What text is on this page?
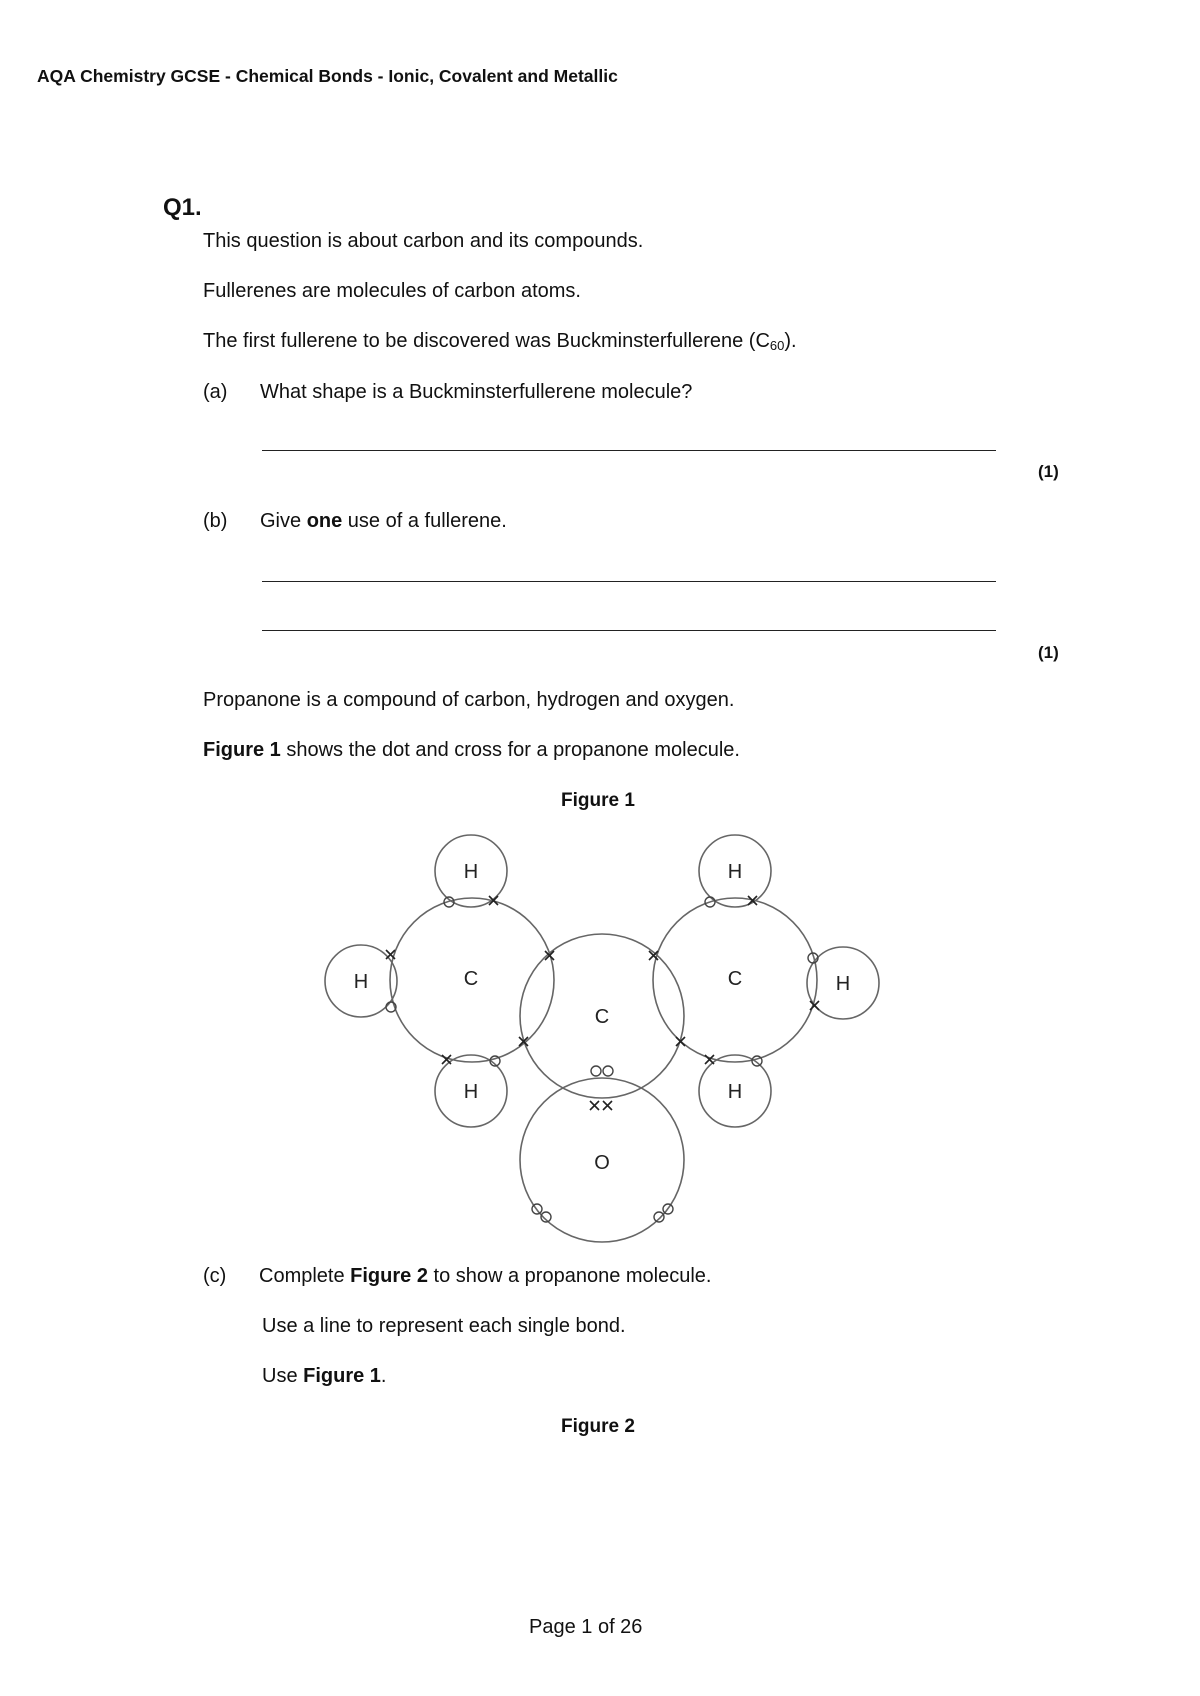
AQA Chemistry GCSE - Chemical Bonds - Ionic, Covalent and Metallic
Q1.
This question is about carbon and its compounds.
Fullerenes are molecules of carbon atoms.
The first fullerene to be discovered was Buckminsterfullerene $(C_{60})$.
(a) What shape is a Buckminsterfullerene molecule?
(1)
(b) Give one use of a fullerene.
(1)
Propanone is a compound of carbon, hydrogen and oxygen.
Figure 1 shows the dot and cross for a propanone molecule.
Figure 1
H	H
H	H
H	H
C
C
C
O
(c) Complete Figure 2 to show a propanone molecule.
Use a line to represent each single bond.
Use Figure 1.
Figure 2
Page 1 of 26
